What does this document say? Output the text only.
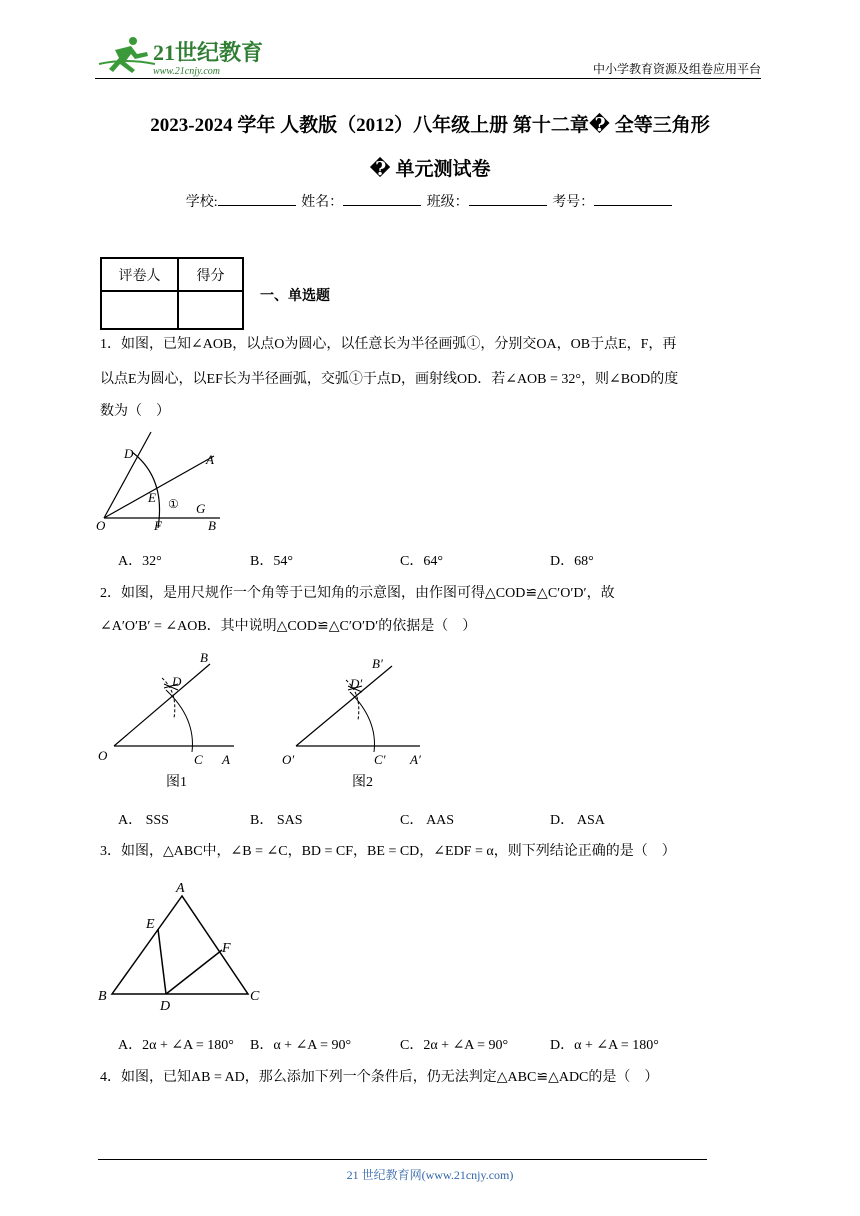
21世纪教育
www.21cnjy.com	中小学教育资源及组卷应用平台
2023-2024 学年 人教版（2012）八年级上册 第十二章� 全等三角形
� 单元测试卷
学校:	姓名：	班级：	考号：
评卷人	得分

一、单选题
1．如图，已知∠AOB，以点O为圆心，以任意长为半径画弧①，分别交OA，OB于点E，F，再
以点E为圆心，以EF长为半径画弧，交弧①于点D，画射线OD．若∠AOB = 32°，则∠BOD的度
数为（　）
D	A
E ① G
O	F	B
A．32°	B．54°	C．64°	D．68°
2．如图，是用尺规作一个角等于已知角的示意图，由作图可得△COD≌△C′O′D′，故
∠A′O′B′ = ∠AOB．其中说明△COD≌△C′O′D′的依据是（　）
B
D
O	C A
图1
B′
D′
O′	C′ A′
图2
A． SSS	B． SAS	C． AAS	D． ASA
3．如图，△ABC中，∠B = ∠C，BD = CF，BE = CD，∠EDF = α，则下列结论正确的是（　）
A
E
F
B
D
C
A．2α + ∠A = 180° B．α + ∠A = 90°	C．2α + ∠A = 90°	D．α + ∠A = 180°
4．如图，已知AB = AD，那么添加下列一个条件后，仍无法判定△ABC≌△ADC的是（　）
21 世纪教育网(www.21cnjy.com)
